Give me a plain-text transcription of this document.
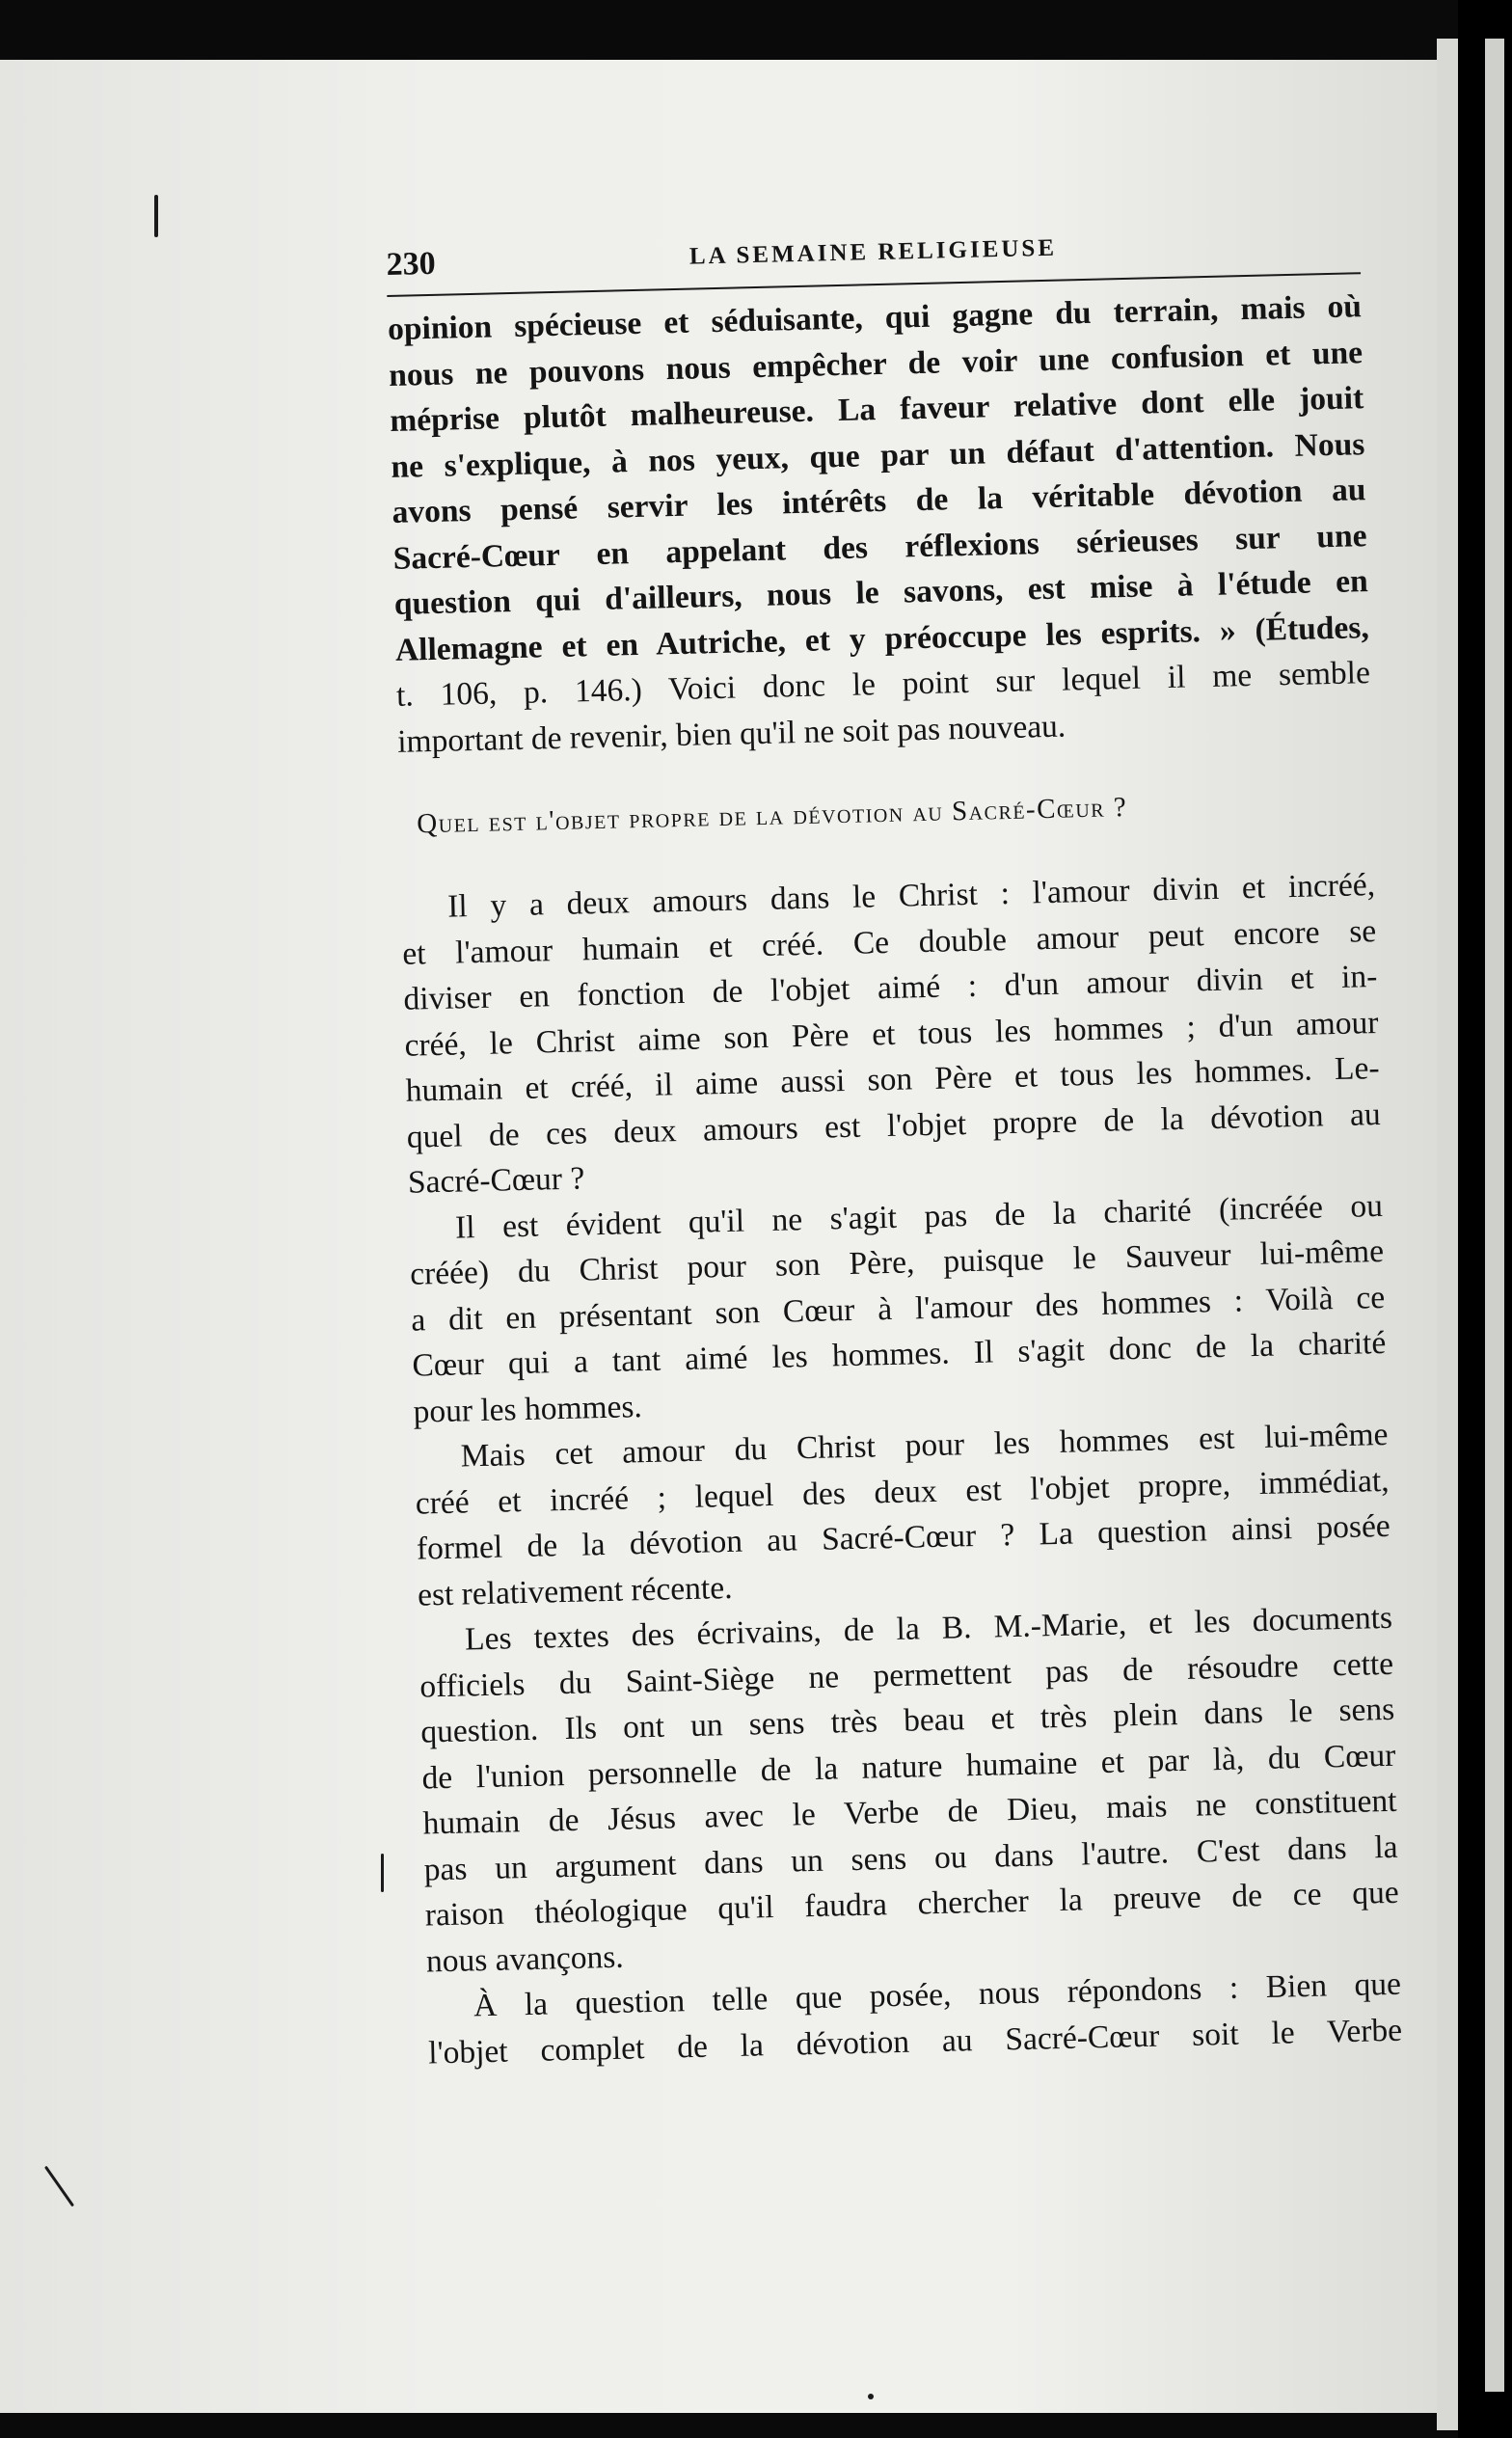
230	LA SEMAINE RELIGIEUSE
opinion spécieuse et séduisante, qui gagne du terrain, mais où
nous ne pouvons nous empêcher de voir une confusion et une
méprise plutôt malheureuse. La faveur relative dont elle jouit
ne s'explique, à nos yeux, que par un défaut d'attention. Nous
avons pensé servir les intérêts de la véritable dévotion au
Sacré-Cœur en appelant des réflexions sérieuses sur une
question qui d'ailleurs, nous le savons, est mise à l'étude en
Allemagne et en Autriche, et y préoccupe les esprits. » (Études,
t. 106, p. 146.) Voici donc le point sur lequel il me semble
important de revenir, bien qu'il ne soit pas nouveau.
Quel est l'objet propre de la dévotion au Sacré-Cœur ?
Il y a deux amours dans le Christ : l'amour divin et incréé,
et l'amour humain et créé. Ce double amour peut encore se
diviser en fonction de l'objet aimé : d'un amour divin et in-
créé, le Christ aime son Père et tous les hommes ; d'un amour
humain et créé, il aime aussi son Père et tous les hommes. Le-
quel de ces deux amours est l'objet propre de la dévotion au
Sacré-Cœur ?
Il est évident qu'il ne s'agit pas de la charité (incréée ou
créée) du Christ pour son Père, puisque le Sauveur lui-même
a dit en présentant son Cœur à l'amour des hommes : Voilà ce
Cœur qui a tant aimé les hommes. Il s'agit donc de la charité
pour les hommes.
Mais cet amour du Christ pour les hommes est lui-même
créé et incréé ; lequel des deux est l'objet propre, immédiat,
formel de la dévotion au Sacré-Cœur ? La question ainsi posée
est relativement récente.
Les textes des écrivains, de la B. M.-Marie, et les documents
officiels du Saint-Siège ne permettent pas de résoudre cette
question. Ils ont un sens très beau et très plein dans le sens
de l'union personnelle de la nature humaine et par là, du Cœur
humain de Jésus avec le Verbe de Dieu, mais ne constituent
pas un argument dans un sens ou dans l'autre. C'est dans la
raison théologique qu'il faudra chercher la preuve de ce que
nous avançons.
À la question telle que posée, nous répondons : Bien que
l'objet complet de la dévotion au Sacré-Cœur soit le Verbe
